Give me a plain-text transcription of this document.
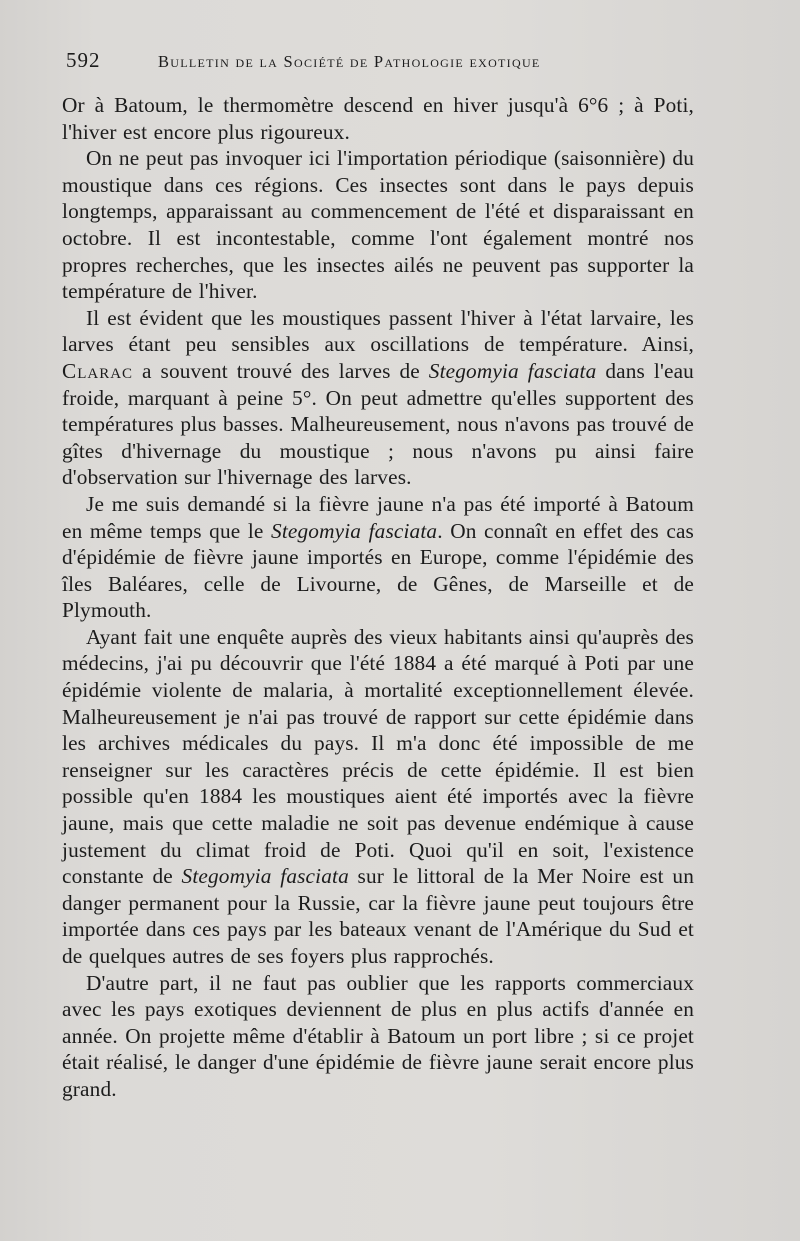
592	Bulletin de la Société de Pathologie exotique

Or à Batoum, le thermomètre descend en hiver jusqu'à 6°6 ; à Poti, l'hiver est encore plus rigoureux.

On ne peut pas invoquer ici l'importation périodique (saisonnière) du moustique dans ces régions. Ces insectes sont dans le pays depuis longtemps, apparaissant au commencement de l'été et disparaissant en octobre. Il est incontestable, comme l'ont également montré nos propres recherches, que les insectes ailés ne peuvent pas supporter la température de l'hiver.

Il est évident que les moustiques passent l'hiver à l'état larvaire, les larves étant peu sensibles aux oscillations de température. Ainsi, Clarac a souvent trouvé des larves de Stegomyia fasciata dans l'eau froide, marquant à peine 5°. On peut admettre qu'elles supportent des températures plus basses. Malheureusement, nous n'avons pas trouvé de gîtes d'hivernage du moustique ; nous n'avons pu ainsi faire d'observation sur l'hivernage des larves.

Je me suis demandé si la fièvre jaune n'a pas été importé à Batoum en même temps que le Stegomyia fasciata. On connaît en effet des cas d'épidémie de fièvre jaune importés en Europe, comme l'épidémie des îles Baléares, celle de Livourne, de Gênes, de Marseille et de Plymouth.

Ayant fait une enquête auprès des vieux habitants ainsi qu'auprès des médecins, j'ai pu découvrir que l'été 1884 a été marqué à Poti par une épidémie violente de malaria, à mortalité exceptionnellement élevée. Malheureusement je n'ai pas trouvé de rapport sur cette épidémie dans les archives médicales du pays. Il m'a donc été impossible de me renseigner sur les caractères précis de cette épidémie. Il est bien possible qu'en 1884 les moustiques aient été importés avec la fièvre jaune, mais que cette maladie ne soit pas devenue endémique à cause justement du climat froid de Poti. Quoi qu'il en soit, l'existence constante de Stegomyia fasciata sur le littoral de la Mer Noire est un danger permanent pour la Russie, car la fièvre jaune peut toujours être importée dans ces pays par les bateaux venant de l'Amérique du Sud et de quelques autres de ses foyers plus rapprochés.

D'autre part, il ne faut pas oublier que les rapports commerciaux avec les pays exotiques deviennent de plus en plus actifs d'année en année. On projette même d'établir à Batoum un port libre ; si ce projet était réalisé, le danger d'une épidémie de fièvre jaune serait encore plus grand.
